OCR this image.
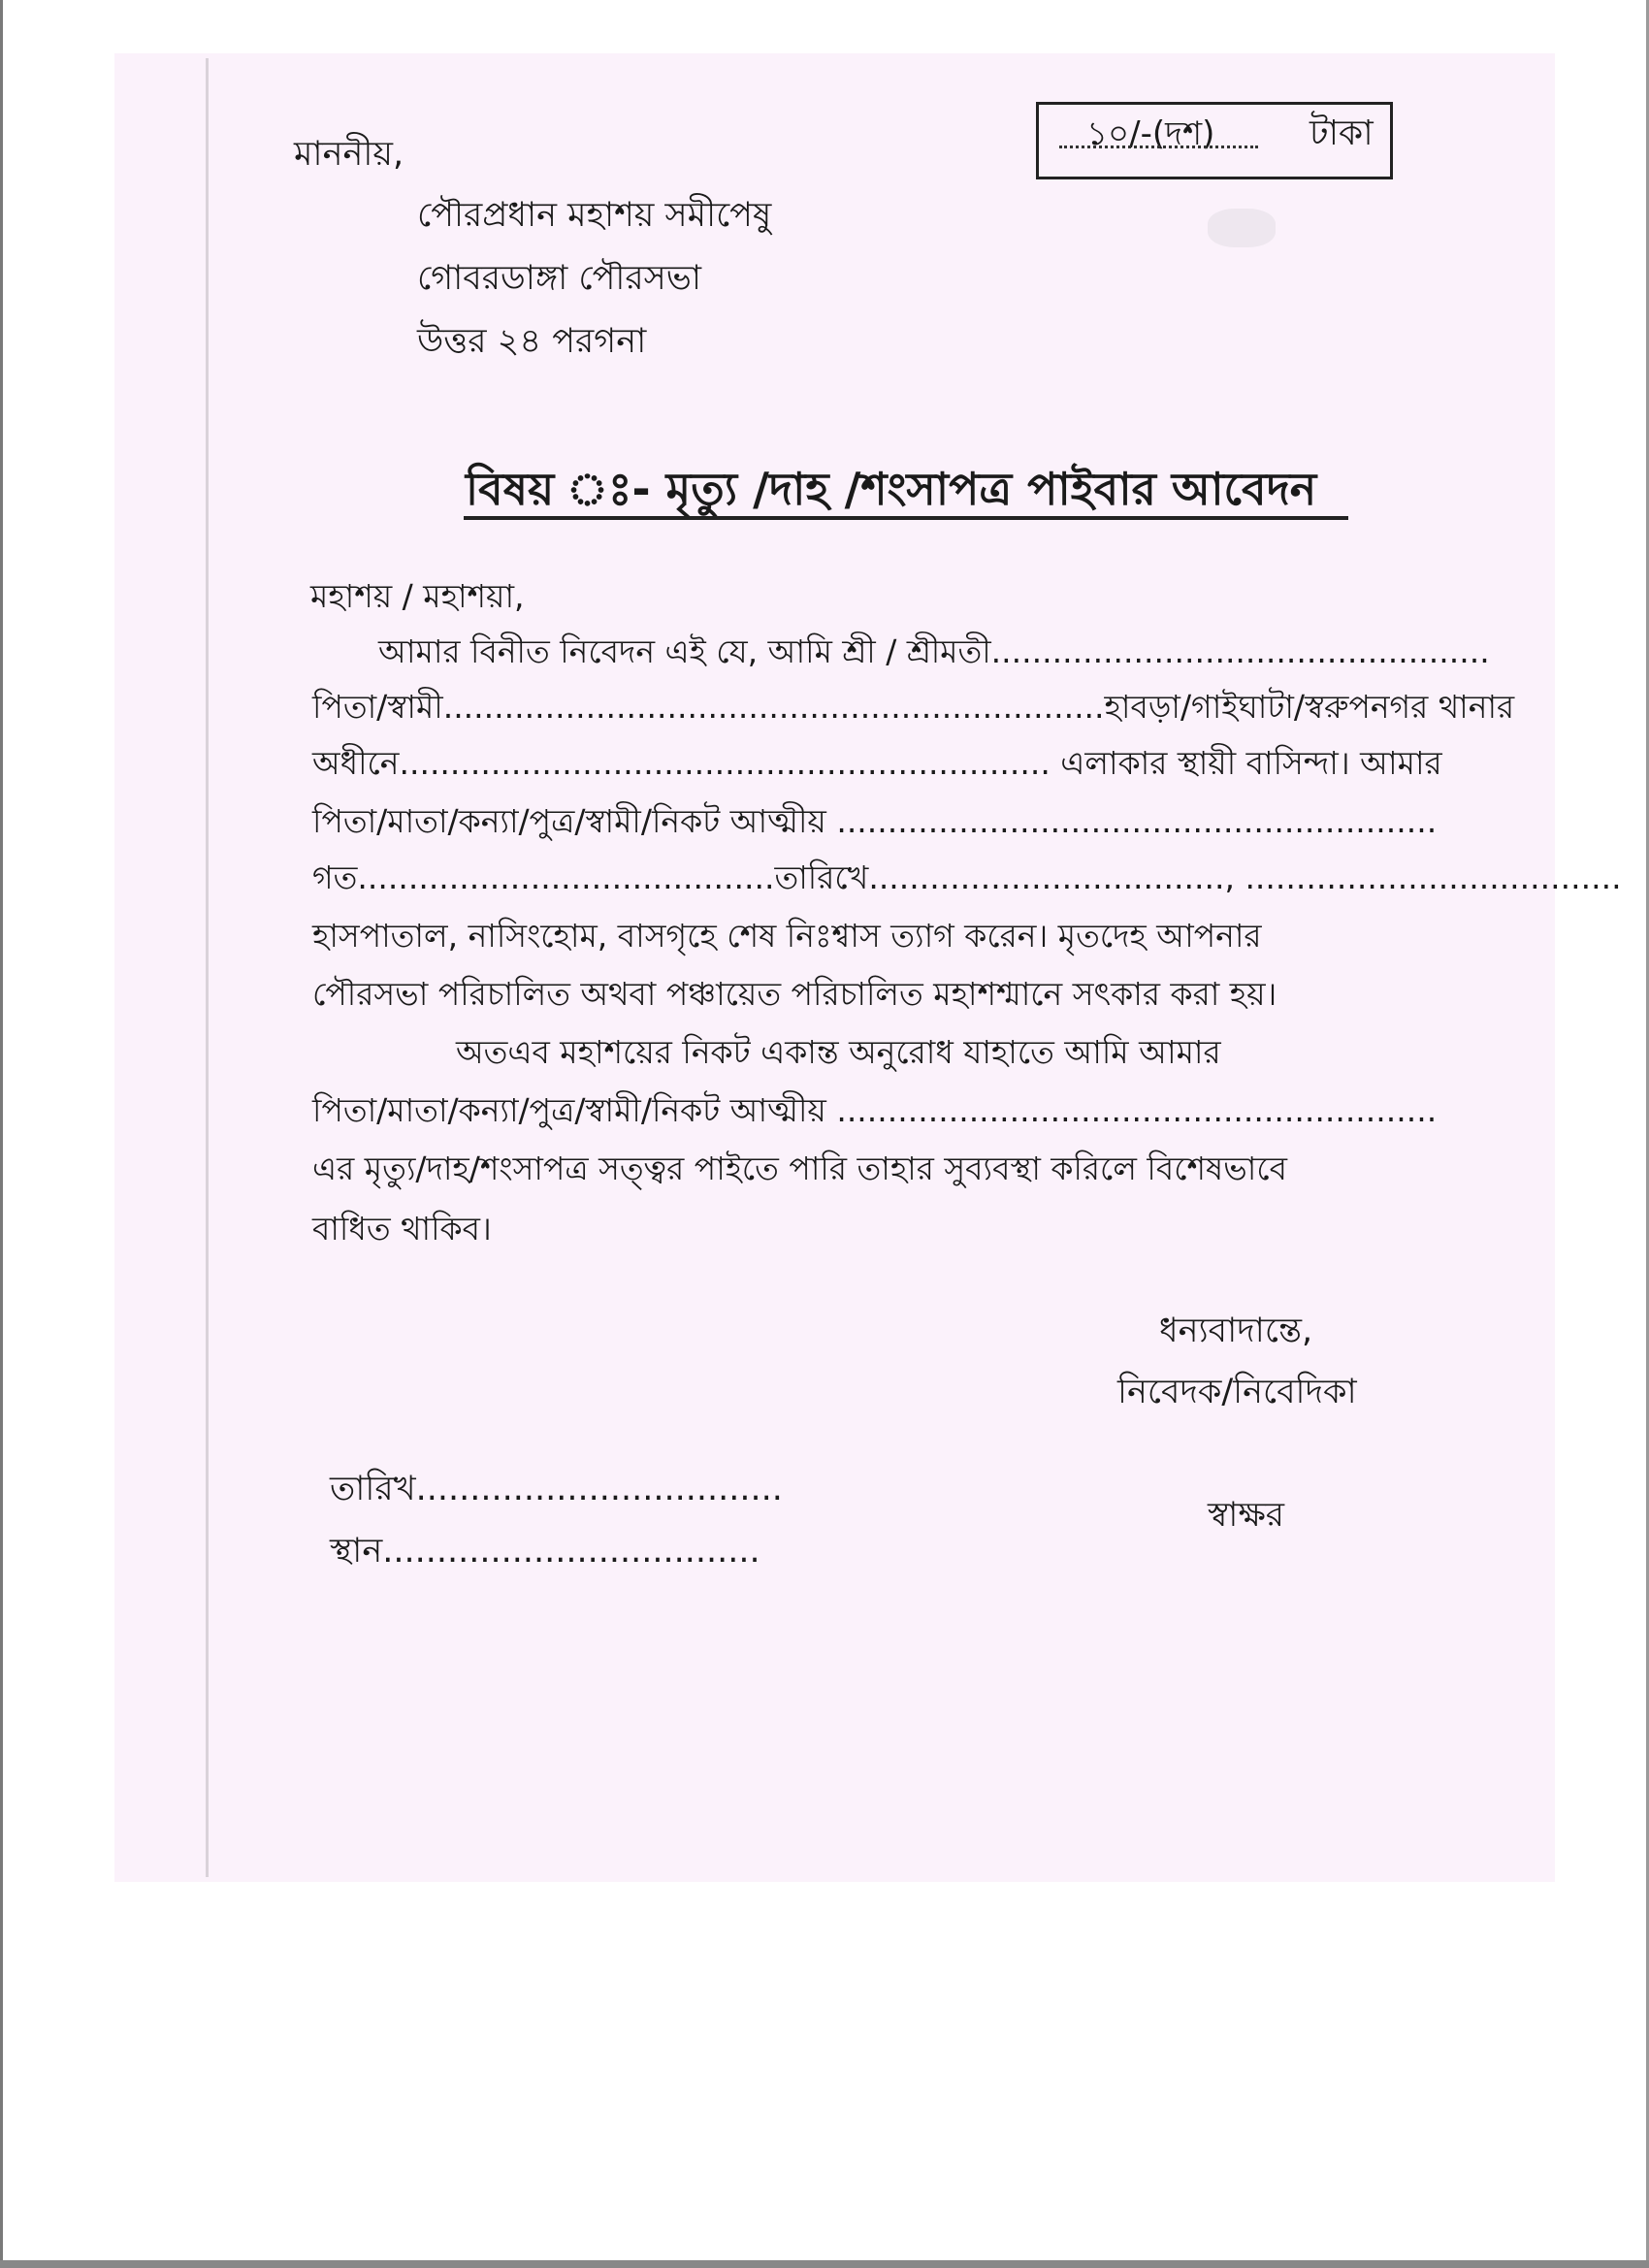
১০/-(দশ)	টাকা
মাননীয়,
পৌরপ্রধান মহাশয় সমীপেষু
গোবরডাঙ্গা পৌরসভা
উত্তর ২৪ পরগনা
বিষয় ঃ- মৃত্যু /দাহ /শংসাপত্র পাইবার আবেদন
মহাশয় / মহাশয়া,
আমার বিনীত নিবেদন এই যে, আমি শ্রী / শ্রীমতী.................................................
পিতা/স্বামী.................................................................হাবড়া/গাইঘাটা/স্বরুপনগর থানার
অধীনে................................................................ এলাকার স্থায়ী বাসিন্দা। আমার
পিতা/মাতা/কন্যা/পুত্র/স্বামী/নিকট আত্মীয় ...........................................................
গত.........................................তারিখে..................................., .....................................
হাসপাতাল, নাসিংহোম, বাসগৃহে শেষ নিঃশ্বাস ত্যাগ করেন। মৃতদেহ আপনার
পৌরসভা পরিচালিত অথবা পঞ্চায়েত পরিচালিত মহাশশ্মানে সৎকার করা হয়।
অতএব মহাশয়ের নিকট একান্ত অনুরোধ যাহাতে আমি আমার
পিতা/মাতা/কন্যা/পুত্র/স্বামী/নিকট আত্মীয় ...........................................................
এর মৃত্যু/দাহ/শংসাপত্র সত্ত্বর পাইতে পারি তাহার সুব্যবস্থা করিলে বিশেষভাবে
বাধিত থাকিব।
ধন্যবাদান্তে,
নিবেদক/নিবেদিকা
তারিখ..................................
স্থান...................................
স্বাক্ষর
